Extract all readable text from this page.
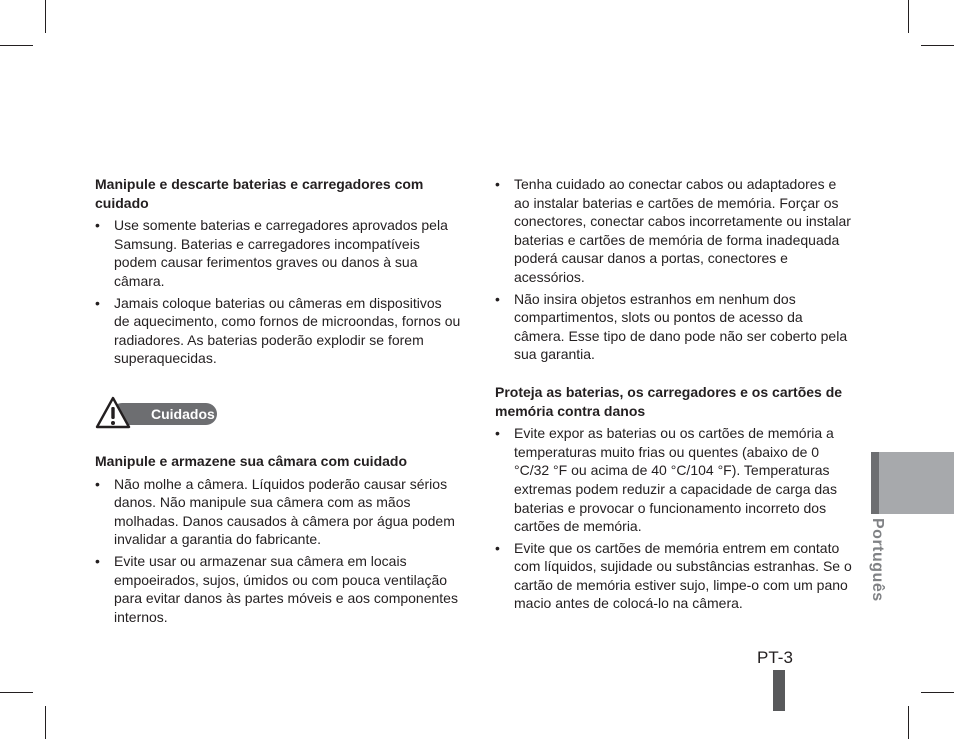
Manipule e descarte baterias e carregadores com cuidado

• Use somente baterias e carregadores aprovados pela Samsung. Baterias e carregadores incompatíveis podem causar ferimentos graves ou danos à sua câmara.
• Jamais coloque baterias ou câmeras em dispositivos de aquecimento, como fornos de microondas, fornos ou radiadores. As baterias poderão explodir se forem superaquecidas.
Cuidados

Manipule e armazene sua câmara com cuidado

• Não molhe a câmera. Líquidos poderão causar sérios danos. Não manipule sua câmera com as mãos molhadas. Danos causados à câmera por água podem invalidar a garantia do fabricante.
• Evite usar ou armazenar sua câmera em locais empoeirados, sujos, úmidos ou com pouca ventilação para evitar danos às partes móveis e aos componentes internos.
• Tenha cuidado ao conectar cabos ou adaptadores e ao instalar baterias e cartões de memória. Forçar os conectores, conectar cabos incorretamente ou instalar baterias e cartões de memória de forma inadequada poderá causar danos a portas, conectores e acessórios.
• Não insira objetos estranhos em nenhum dos compartimentos, slots ou pontos de acesso da câmera. Esse tipo de dano pode não ser coberto pela sua garantia.

Proteja as baterias, os carregadores e os cartões de memória contra danos

• Evite expor as baterias ou os cartões de memória a temperaturas muito frias ou quentes (abaixo de 0 °C/32 °F ou acima de 40 °C/104 °F). Temperaturas extremas podem reduzir a capacidade de carga das baterias e provocar o funcionamento incorreto dos cartões de memória.
• Evite que os cartões de memória entrem em contato com líquidos, sujidade ou substâncias estranhas. Se o cartão de memória estiver sujo, limpe-o com um pano macio antes de colocá-lo na câmera.
Português
PT-3
